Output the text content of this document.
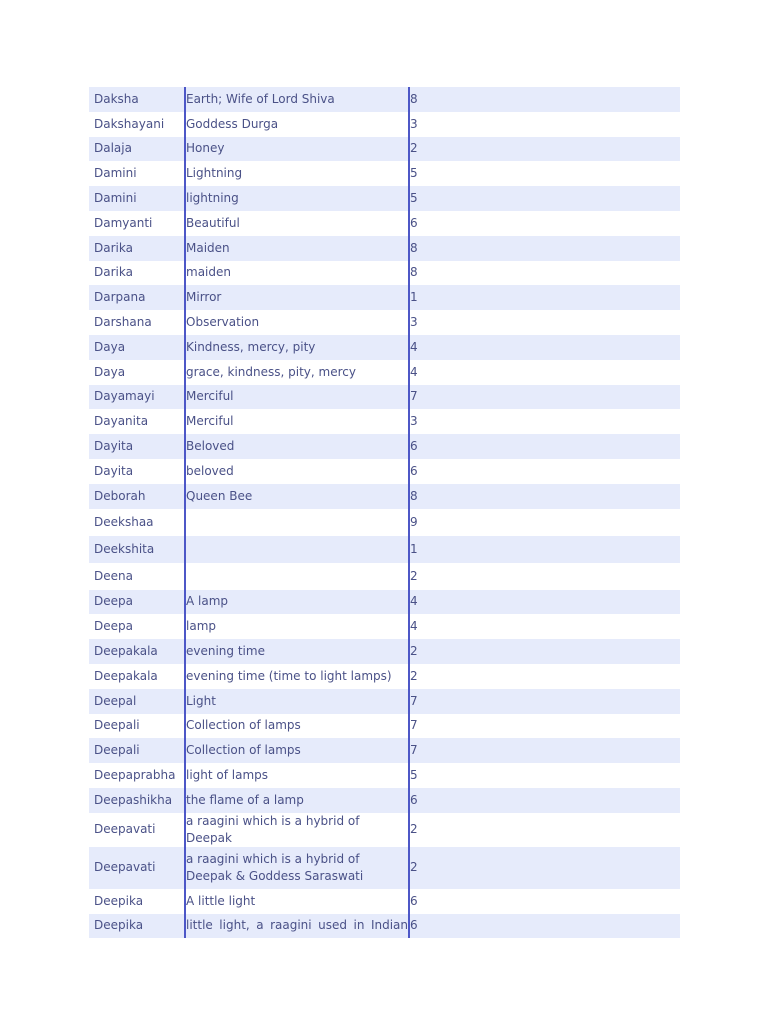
Daksha	Earth; Wife of Lord Shiva	8
Dakshayani	Goddess Durga	3
Dalaja	Honey	2
Damini	Lightning	5
Damini	lightning	5
Damyanti	Beautiful	6
Darika	Maiden	8
Darika	maiden	8
Darpana	Mirror	1
Darshana	Observation	3
Daya	Kindness, mercy, pity	4
Daya	grace, kindness, pity, mercy	4
Dayamayi	Merciful	7
Dayanita	Merciful	3
Dayita	Beloved	6
Dayita	beloved	6
Deborah	Queen Bee	8
Deekshaa		9
Deekshita		1
Deena		2
Deepa	A lamp	4
Deepa	lamp	4
Deepakala	evening time	2
Deepakala	evening time (time to light lamps)	2
Deepal	Light	7
Deepali	Collection of lamps	7
Deepali	Collection of lamps	7
Deepaprabha	light of lamps	5
Deepashikha	the flame of a lamp	6
Deepavati	a raagini which is a hybrid of Deepak	2
Deepavati	a raagini which is a hybrid of Deepak & Goddess Saraswati	2
Deepika	A little light	6
Deepika	little light, a raagini used in Indian	6
